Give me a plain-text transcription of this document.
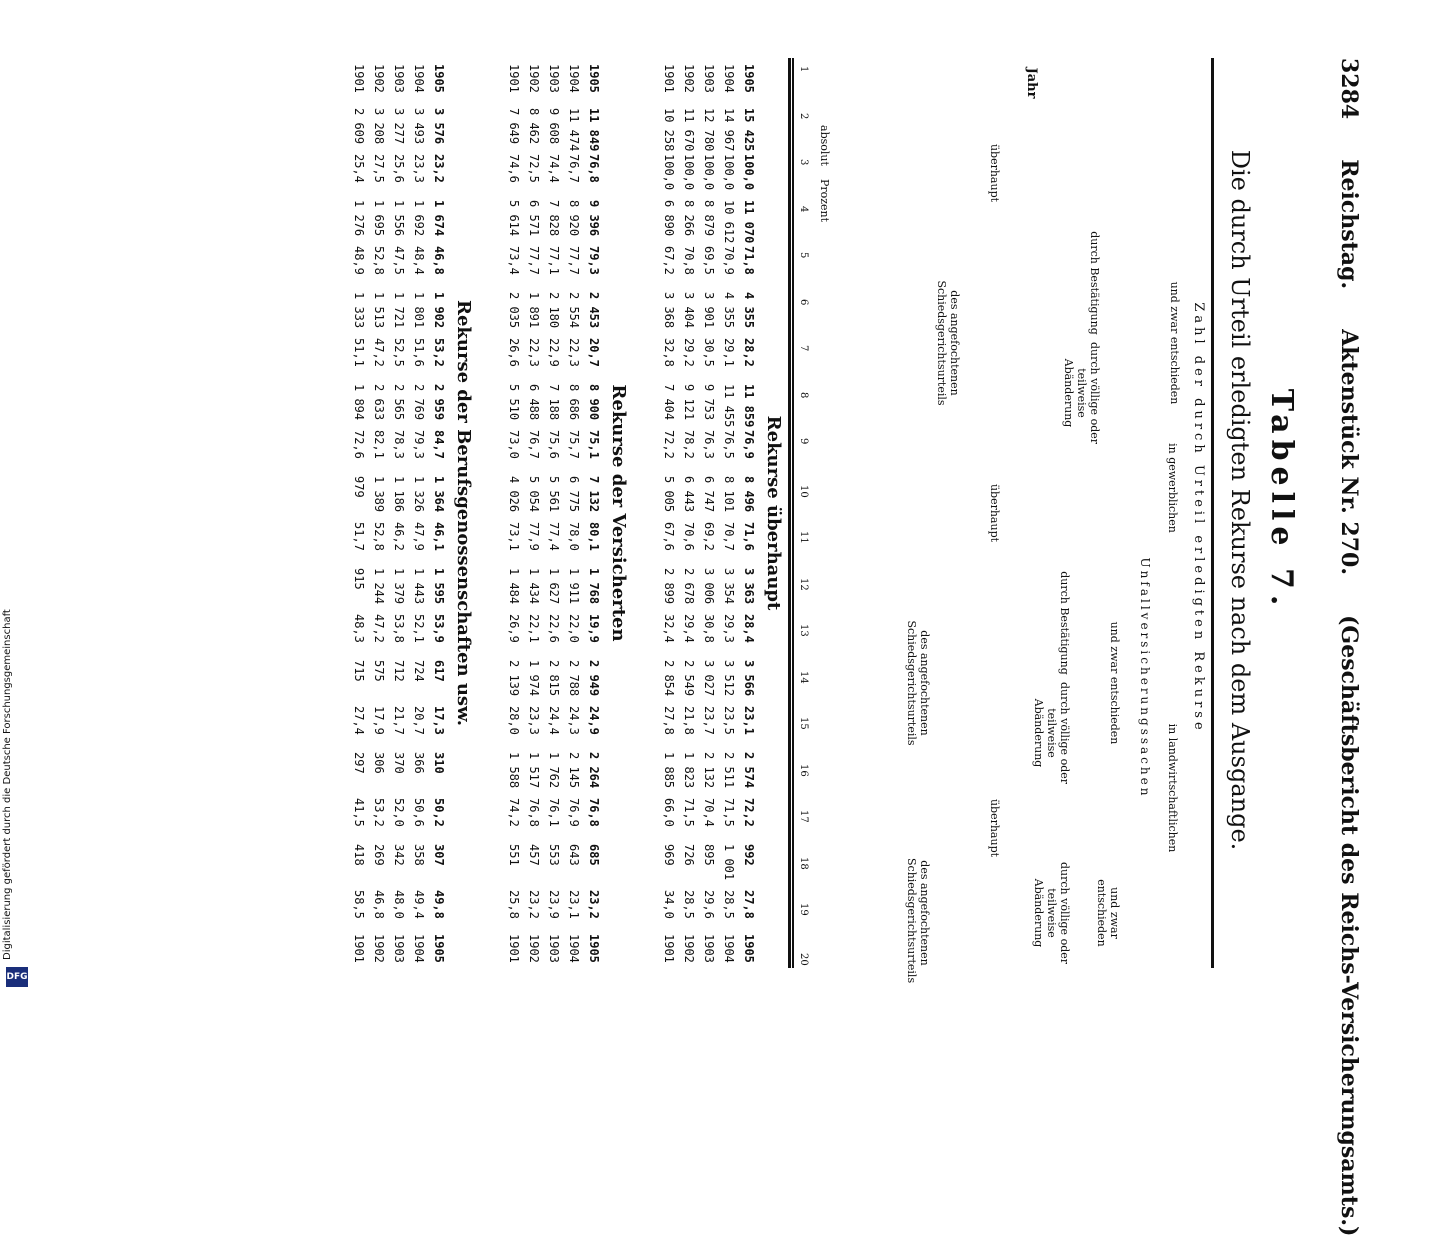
3284
Reichstag.
Aktenstück Nr. 270.
(Geschäftsbericht des Reichs-Versicherungsamts.)
Tabelle 7.
Die durch Urteil erledigten Rekurse nach dem Ausgange.
Jahr
Zahl der durch Urteil erledigten Rekurse
Unfallversicherungssachen
in gewerblichen
in landwirtschaftlichen
überhaupt
und zwar entschieden
durch Bestätigung
durch völlige oder teilweise Abänderung
des angefochtenen Schiedsgerichtsurteils
überhaupt
und zwar entschieden
durch Bestätigung
durch völlige oder teilweise Abänderung
des angefochtenen Schiedsgerichtsurteils
überhaupt
und zwar entschieden
durch völlige oder teilweise Abänderung
des angefochtenen Schiedsgerichtsurteils
absolut
Prozent
1
2
3
4
5
6
7
8
9
10
11
12
13
14
15
16
17
18
19
20
Rekurse überhaupt
1905
15 425
100,0
11 070
71,8
4 355
28,2
11 859
76,9
8 496
71,6
3 363
28,4
3 566
23,1
2 574
72,2
992
27,8
1905
1904
14 967
100,0
10 612
70,9
4 355
29,1
11 455
76,5
8 101
70,7
3 354
29,3
3 512
23,5
2 511
71,5
1 001
28,5
1904
1903
12 780
100,0
8 879
69,5
3 901
30,5
9 753
76,3
6 747
69,2
3 006
30,8
3 027
23,7
2 132
70,4
895
29,6
1903
1902
11 670
100,0
8 266
70,8
3 404
29,2
9 121
78,2
6 443
70,6
2 678
29,4
2 549
21,8
1 823
71,5
726
28,5
1902
1901
10 258
100,0
6 890
67,2
3 368
32,8
7 404
72,2
5 005
67,6
2 899
32,4
2 854
27,8
1 885
66,0
969
34,0
1901
Rekurse der Versicherten
1905
11 849
76,8
9 396
79,3
2 453
20,7
8 900
75,1
7 132
80,1
1 768
19,9
2 949
24,9
2 264
76,8
685
23,2
1905
1904
11 474
76,7
8 920
77,7
2 554
22,3
8 686
75,7
6 775
78,0
1 911
22,0
2 788
24,3
2 145
76,9
643
23,1
1904
1903
9 608
74,4
7 828
77,1
2 180
22,9
7 188
75,6
5 561
77,4
1 627
22,6
2 815
24,4
1 762
76,1
553
23,9
1903
1902
8 462
72,5
6 571
77,7
1 891
22,3
6 488
76,7
5 054
77,9
1 434
22,1
1 974
23,3
1 517
76,8
457
23,2
1902
1901
7 649
74,6
5 614
73,4
2 035
26,6
5 510
73,0
4 026
73,1
1 484
26,9
2 139
28,0
1 588
74,2
551
25,8
1901
Rekurse der Berufsgenossenschaften usw.
1905
3 576
23,2
1 674
46,8
1 902
53,2
2 959
84,7
1 364
46,1
1 595
53,9
617
17,3
310
50,2
307
49,8
1905
1904
3 493
23,3
1 692
48,4
1 801
51,6
2 769
79,3
1 326
47,9
1 443
52,1
724
20,7
366
50,6
358
49,4
1904
1903
3 277
25,6
1 556
47,5
1 721
52,5
2 565
78,3
1 186
46,2
1 379
53,8
712
21,7
370
52,0
342
48,0
1903
1902
3 208
27,5
1 695
52,8
1 513
47,2
2 633
82,1
1 389
52,8
1 244
47,2
575
17,9
306
53,2
269
46,8
1902
1901
2 609
25,4
1 276
48,9
1 333
51,1
1 894
72,6
979
51,7
915
48,3
715
27,4
297
41,5
418
58,5
1901
Digitalisierung gefördert durch die Deutsche Forschungsgemeinschaft
DFG
